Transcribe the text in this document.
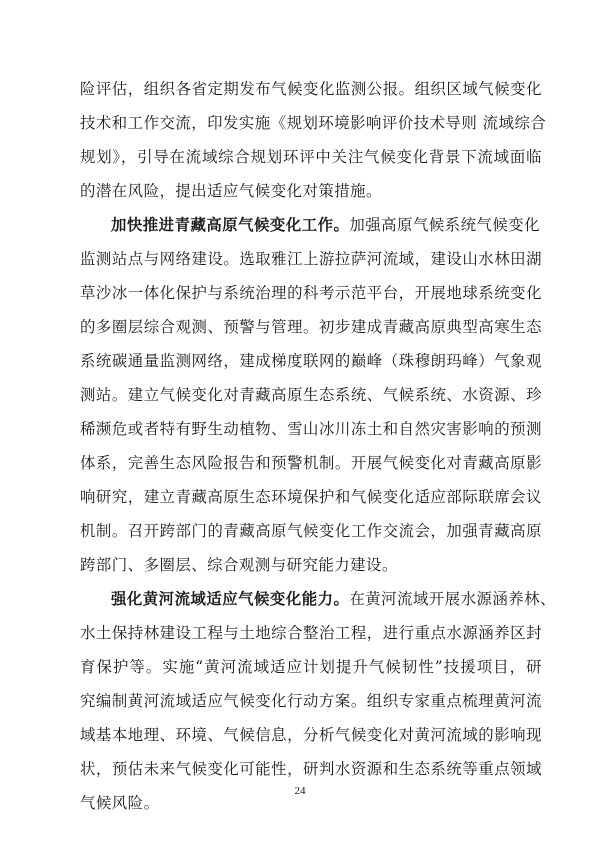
险评估，组织各省定期发布气候变化监测公报。组织区域气候变化
技术和工作交流，印发实施《规划环境影响评价技术导则 流域综合
规划》，引导在流域综合规划环评中关注气候变化背景下流域面临
的潜在风险，提出适应气候变化对策措施。
加快推进青藏高原气候变化工作。加强高原气候系统气候变化
监测站点与网络建设。选取雅江上游拉萨河流域，建设山水林田湖
草沙冰一体化保护与系统治理的科考示范平台，开展地球系统变化
的多圈层综合观测、预警与管理。初步建成青藏高原典型高寒生态
系统碳通量监测网络，建成梯度联网的巅峰（珠穆朗玛峰）气象观
测站。建立气候变化对青藏高原生态系统、气候系统、水资源、珍
稀濒危或者特有野生动植物、雪山冰川冻土和自然灾害影响的预测
体系，完善生态风险报告和预警机制。开展气候变化对青藏高原影
响研究，建立青藏高原生态环境保护和气候变化适应部际联席会议
机制。召开跨部门的青藏高原气候变化工作交流会，加强青藏高原
跨部门、多圈层、综合观测与研究能力建设。
强化黄河流域适应气候变化能力。在黄河流域开展水源涵养林、
水土保持林建设工程与土地综合整治工程，进行重点水源涵养区封
育保护等。实施“黄河流域适应计划提升气候韧性”技援项目，研
究编制黄河流域适应气候变化行动方案。组织专家重点梳理黄河流
域基本地理、环境、气候信息，分析气候变化对黄河流域的影响现
状，预估未来气候变化可能性，研判水资源和生态系统等重点领域
气候风险。
24
